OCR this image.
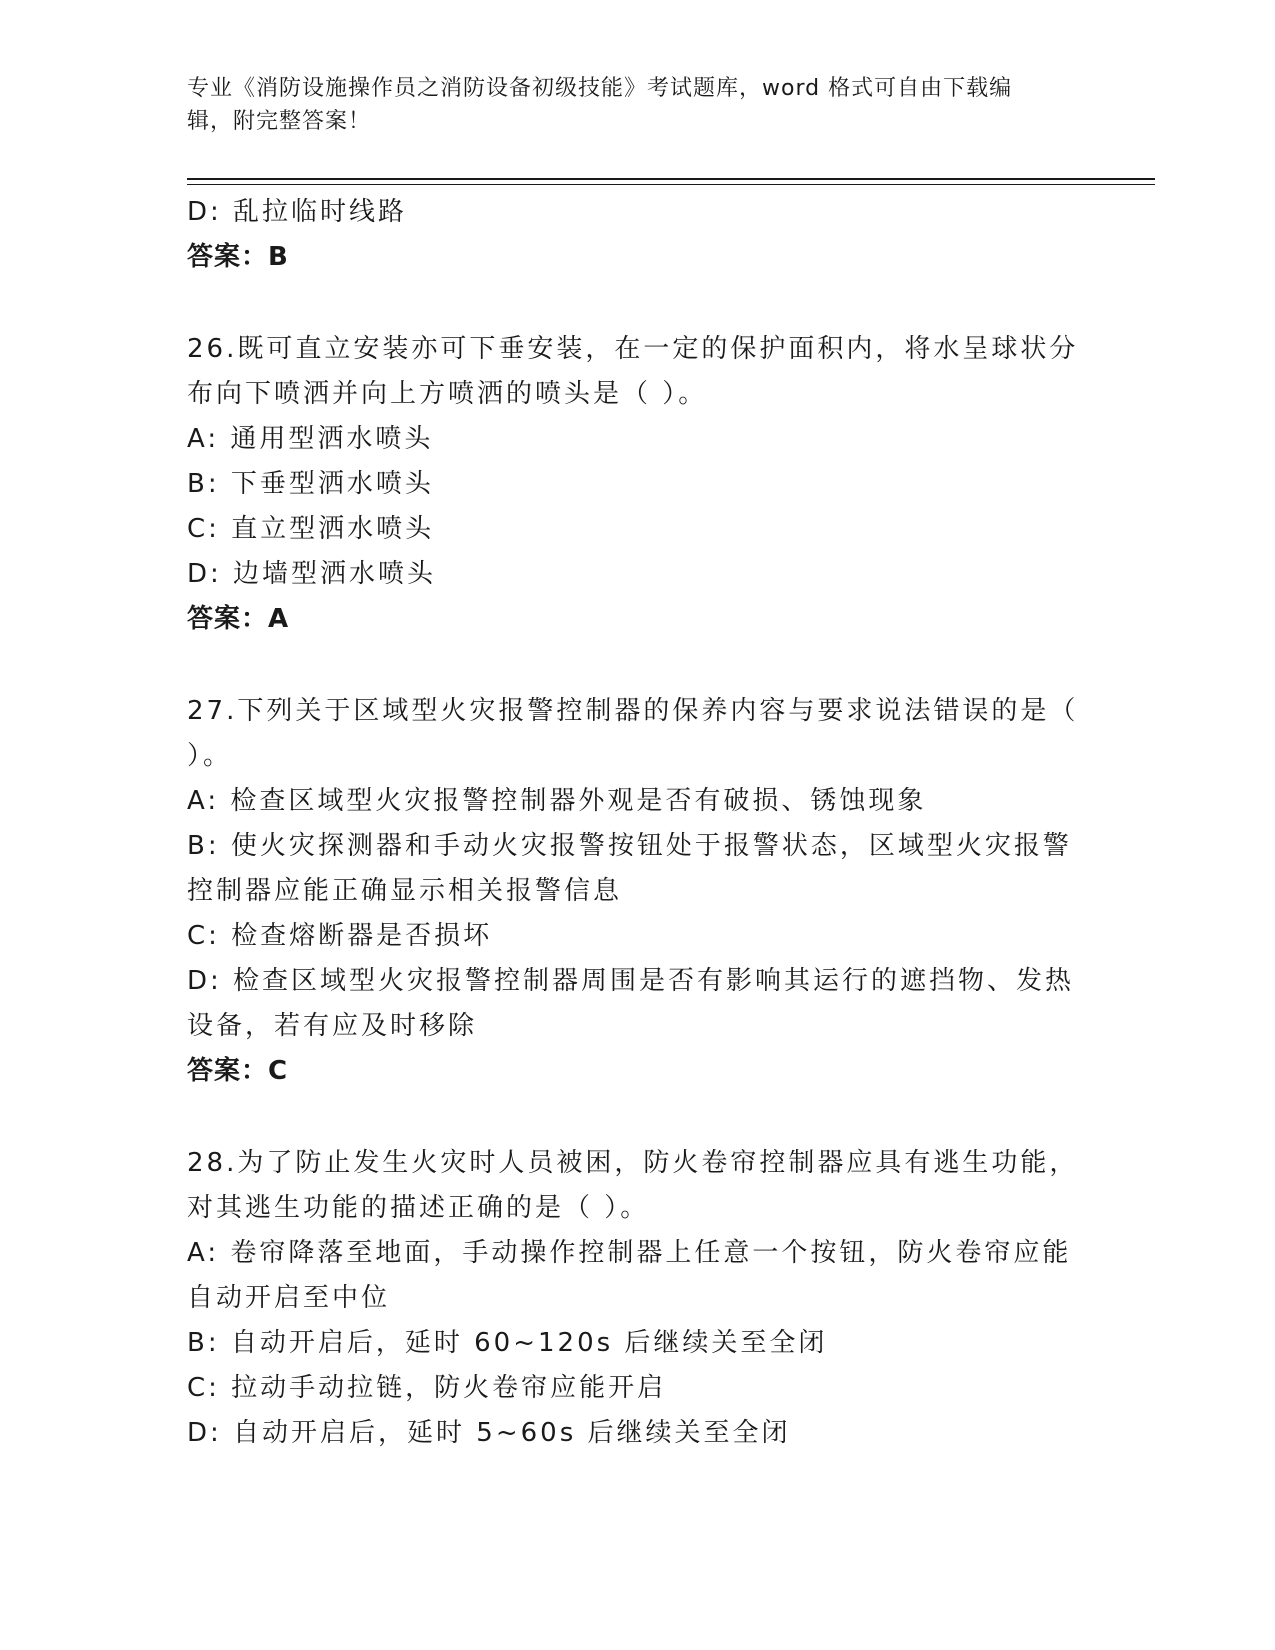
专业《消防设施操作员之消防设备初级技能》考试题库，word 格式可自由下载编
辑，附完整答案！

D: 乱拉临时线路

答案：B

26.既可直立安装亦可下垂安装，在一定的保护面积内，将水呈球状分

布向下喷洒并向上方喷洒的喷头是（ ）。

A: 通用型洒水喷头

B: 下垂型洒水喷头

C: 直立型洒水喷头

D: 边墙型洒水喷头

答案：A

27.下列关于区域型火灾报警控制器的保养内容与要求说法错误的是（

）。

A: 检查区域型火灾报警控制器外观是否有破损、锈蚀现象

B: 使火灾探测器和手动火灾报警按钮处于报警状态，区域型火灾报警

控制器应能正确显示相关报警信息

C: 检查熔断器是否损坏

D: 检查区域型火灾报警控制器周围是否有影响其运行的遮挡物、发热

设备，若有应及时移除

答案：C

28.为了防止发生火灾时人员被困，防火卷帘控制器应具有逃生功能，

对其逃生功能的描述正确的是（ ）。

A: 卷帘降落至地面，手动操作控制器上任意一个按钮，防火卷帘应能

自动开启至中位

B: 自动开启后，延时 60~120s 后继续关至全闭

C: 拉动手动拉链，防火卷帘应能开启

D: 自动开启后，延时 5~60s 后继续关至全闭
